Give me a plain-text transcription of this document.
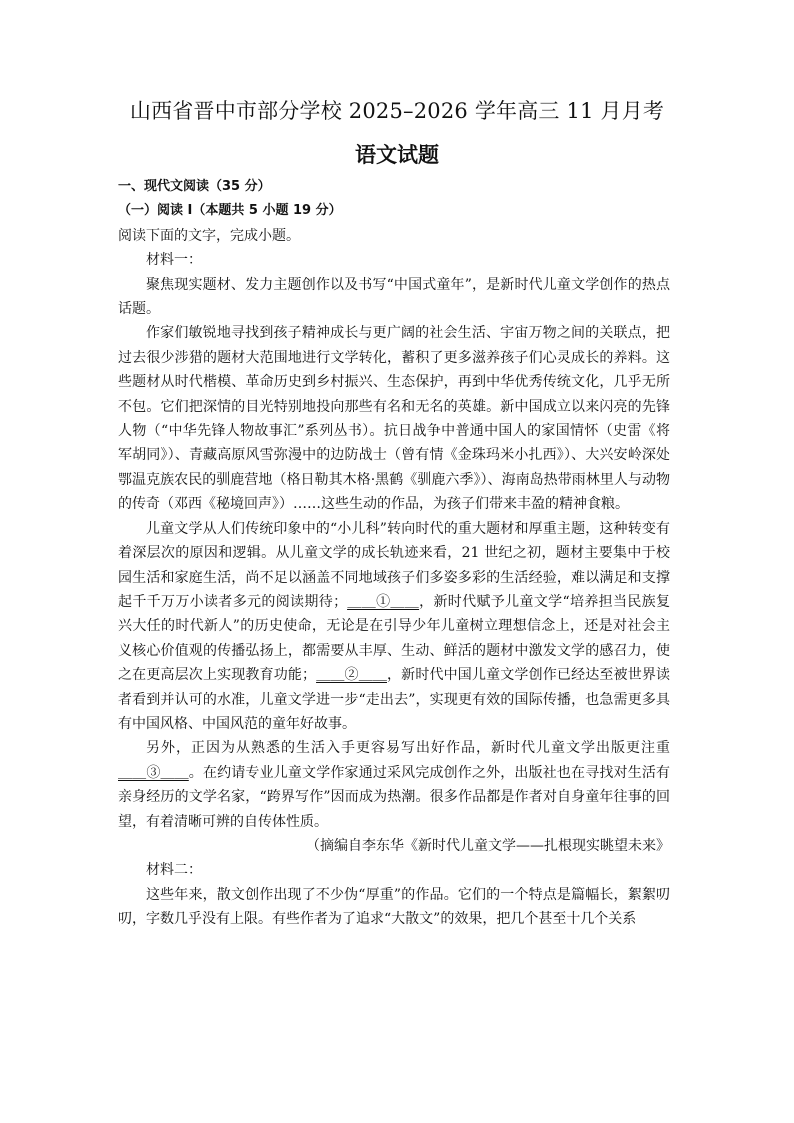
山西省晋中市部分学校 2025–2026 学年高三 11 月月考
语文试题
一、现代文阅读（35 分）
（一）阅读 I（本题共 5 小题 19 分）

阅读下面的文字，完成小题。

材料一：

聚焦现实题材、发力主题创作以及书写“中国式童年”，是新时代儿童文学创作的热点话题。

作家们敏锐地寻找到孩子精神成长与更广阔的社会生活、宇宙万物之间的关联点，把过去很少涉猎的题材大范围地进行文学转化，蓄积了更多滋养孩子们心灵成长的养料。这些题材从时代楷模、革命历史到乡村振兴、生态保护，再到中华优秀传统文化，几乎无所不包。它们把深情的目光特别地投向那些有名和无名的英雄。新中国成立以来闪亮的先锋人物（“中华先锋人物故事汇”系列丛书）。抗日战争中普通中国人的家国情怀（史雷《将军胡同》）、青藏高原风雪弥漫中的边防战士（曾有情《金珠玛米小扎西》）、大兴安岭深处鄂温克族农民的驯鹿营地（格日勒其木格·黑鹤《驯鹿六季》）、海南岛热带雨林里人与动物的传奇（邓西《秘境回声》）……这些生动的作品，为孩子们带来丰盈的精神食粮。

儿童文学从人们传统印象中的“小儿科”转向时代的重大题材和厚重主题，这种转变有着深层次的原因和逻辑。从儿童文学的成长轨迹来看，21 世纪之初，题材主要集中于校园生活和家庭生活，尚不足以涵盖不同地域孩子们多姿多彩的生活经验，难以满足和支撑起千千万万小读者多元的阅读期待；＿＿①＿＿，新时代赋予儿童文学“培养担当民族复兴大任的时代新人”的历史使命，无论是在引导少年儿童树立理想信念上，还是对社会主义核心价值观的传播弘扬上，都需要从丰厚、生动、鲜活的题材中激发文学的感召力，使之在更高层次上实现教育功能；＿＿②＿＿，新时代中国儿童文学创作已经达至被世界读者看到并认可的水准，儿童文学进一步“走出去”，实现更有效的国际传播，也急需更多具有中国风格、中国风范的童年好故事。

另外，正因为从熟悉的生活入手更容易写出好作品，新时代儿童文学出版更注重＿＿③＿＿。在约请专业儿童文学作家通过采风完成创作之外，出版社也在寻找对生活有亲身经历的文学名家，“跨界写作”因而成为热潮。很多作品都是作者对自身童年往事的回望，有着清晰可辨的自传体性质。

（摘编自李东华《新时代儿童文学——扎根现实眺望未来》

材料二：

这些年来，散文创作出现了不少伪“厚重”的作品。它们的一个特点是篇幅长，絮絮叨叨，字数几乎没有上限。有些作者为了追求“大散文”的效果，把几个甚至十几个关系
